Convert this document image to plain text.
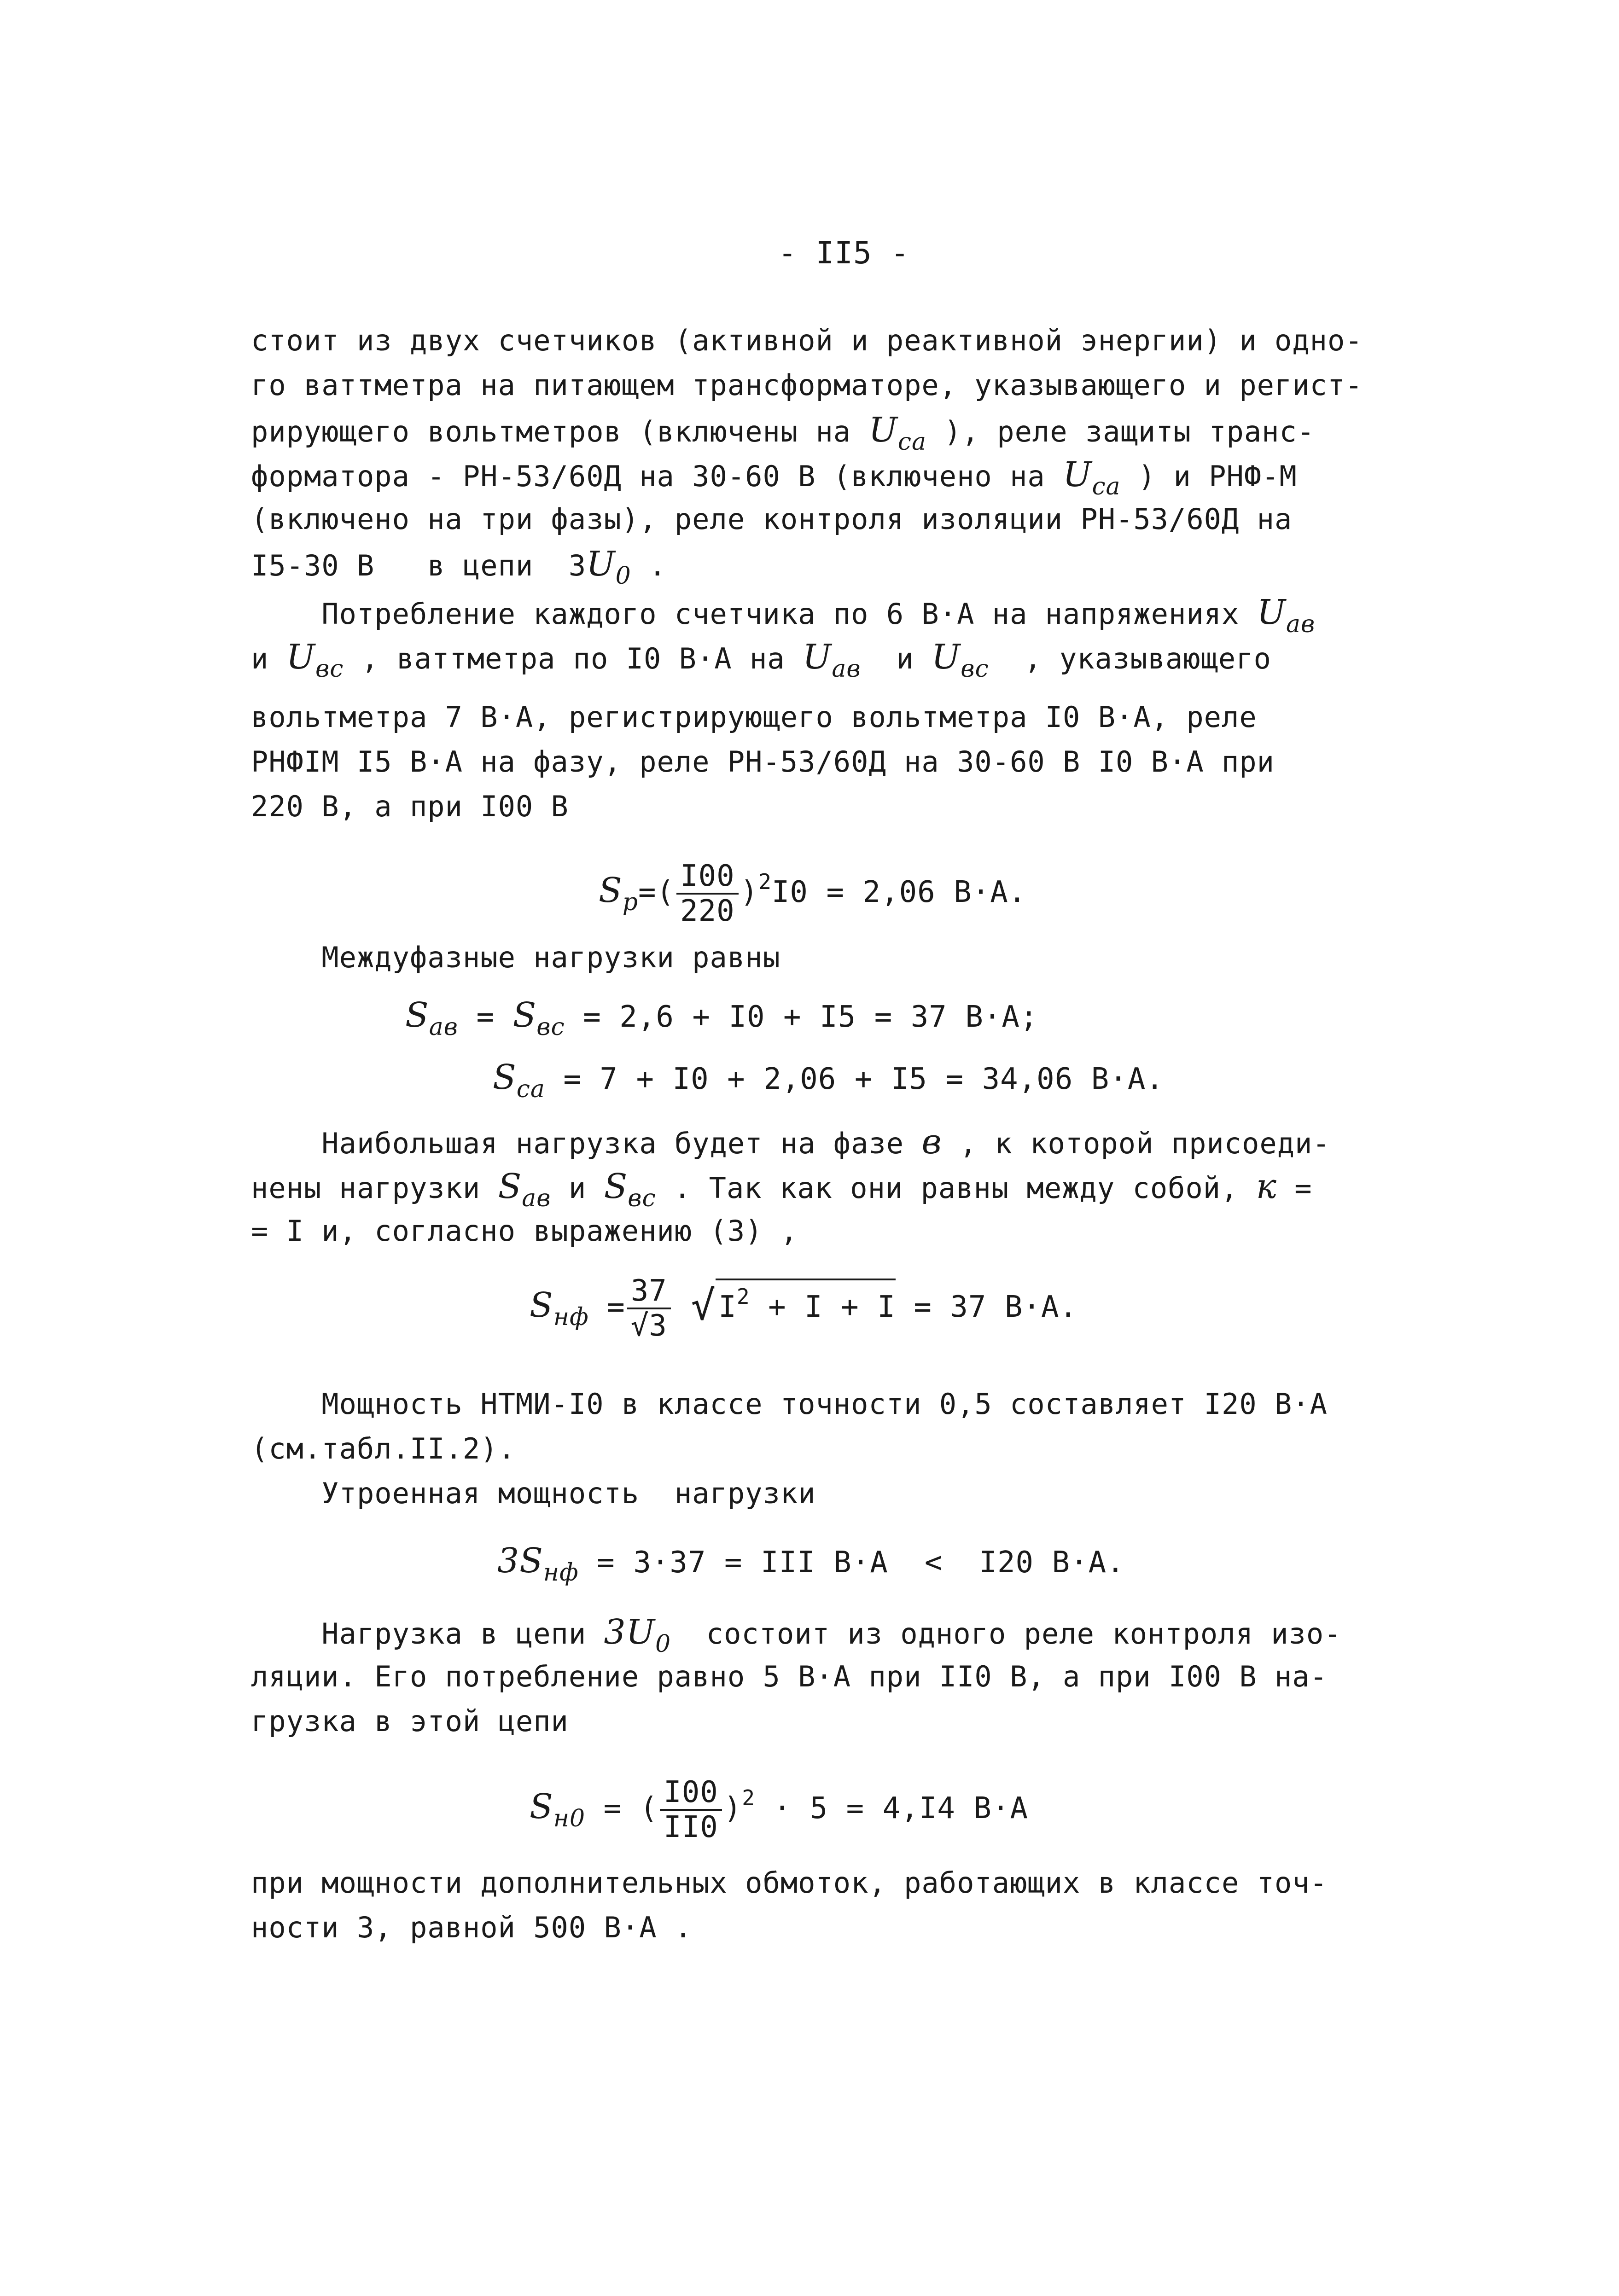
- II5 -
стоит из двух счетчиков (активной и реактивной энергии) и одно-
го ваттметра на питающем трансформаторе, указывающего и регист-
рирующего вольтметров (включены на $U_{ca}$ ), реле защиты транс-
форматора - РН-53/60Д на 30-60 В (включено на $U_{ca}$ ) и РНФ-М
(включено на три фазы), реле контроля изоляции РН-53/60Д на
I5-30 В   в цепи  $3U_0$ .
Потребление каждого счетчика по 6 В·А на напряжениях $U_{aв}$
и $U_{вc}$ , ваттметра по I0 В·А на $U_{aв}$  и $U_{вc}$  , указывающего
вольтметра 7 В·А, регистрирующего вольтметра I0 В·А, реле
РНФIМ I5 В·А на фазу, реле РН-53/60Д на 30-60 В I0 В·А при
220 В, а при I00 В
$S_р=( \frac{I00}{220} )^2I0 = 2,06$ В·А.
Междуфазные нагрузки равны
$S_{aв} = S_{вc} = 2,6 + I0 + I5 = 37$ В·А;
$S_{ca} = 7 + I0 + 2,06 + I5 = 34,06$ В·А.
Наибольшая нагрузка будет на фазе в , к которой присоеди-
нены нагрузки $S_{aв}$ и $S_{вc}$ . Так как они равны между собой, к =
= I и, согласно выражению (3) ,
$S_{нф} = \frac{37}{√3} √I^2 + I + I = 37$ В·А.
Мощность НТМИ-I0 в классе точности 0,5 составляет I20 В·А
(см.табл.II.2).
Утроенная мощность  нагрузки
$3S_{нф} = 3\cdot 37$ = III В·А  <  I20 В·А.
Нагрузка в цепи $3U_0$  состоит из одного реле контроля изо-
ляции. Его потребление равно 5 В·А при II0 В, а при I00 В на-
грузка в этой цепи
$S_{н0}$ = ( $\frac{I00}{II0} )^2 \cdot 5 = 4,I4$ В·А
при мощности дополнительных обмоток, работающих в классе точ-
ности 3, равной 500 В·А .
